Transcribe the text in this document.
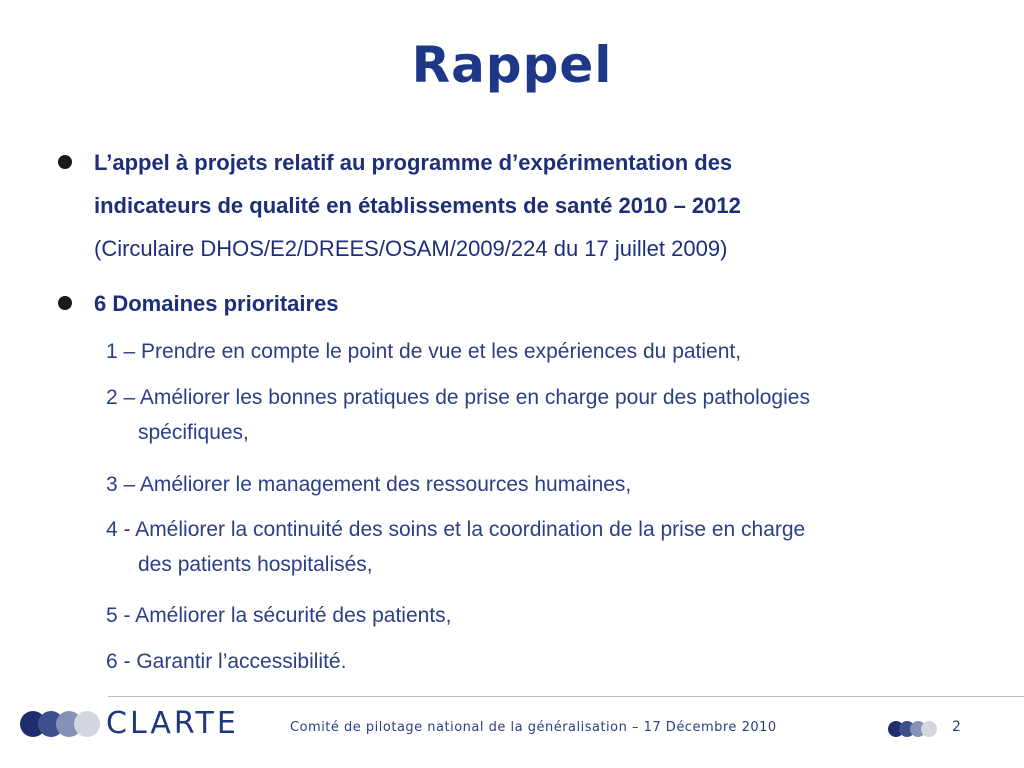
Rappel
L’appel à projets relatif au programme d’expérimentation des
indicateurs de qualité en établissements de santé 2010 – 2012
(Circulaire DHOS/E2/DREES/OSAM/2009/224 du 17 juillet 2009)
6 Domaines prioritaires
1 – Prendre en compte le point de vue et les expériences du patient,
2 – Améliorer les bonnes pratiques de prise en charge pour des pathologies
spécifiques,
3 – Améliorer le management des ressources humaines,
4 - Améliorer la continuité des soins et la coordination de la prise en charge
des patients hospitalisés,
5 - Améliorer la sécurité des patients,
6 - Garantir l’accessibilité.
CLARTE	Comité de pilotage national de la généralisation – 17 Décembre 2010	2
